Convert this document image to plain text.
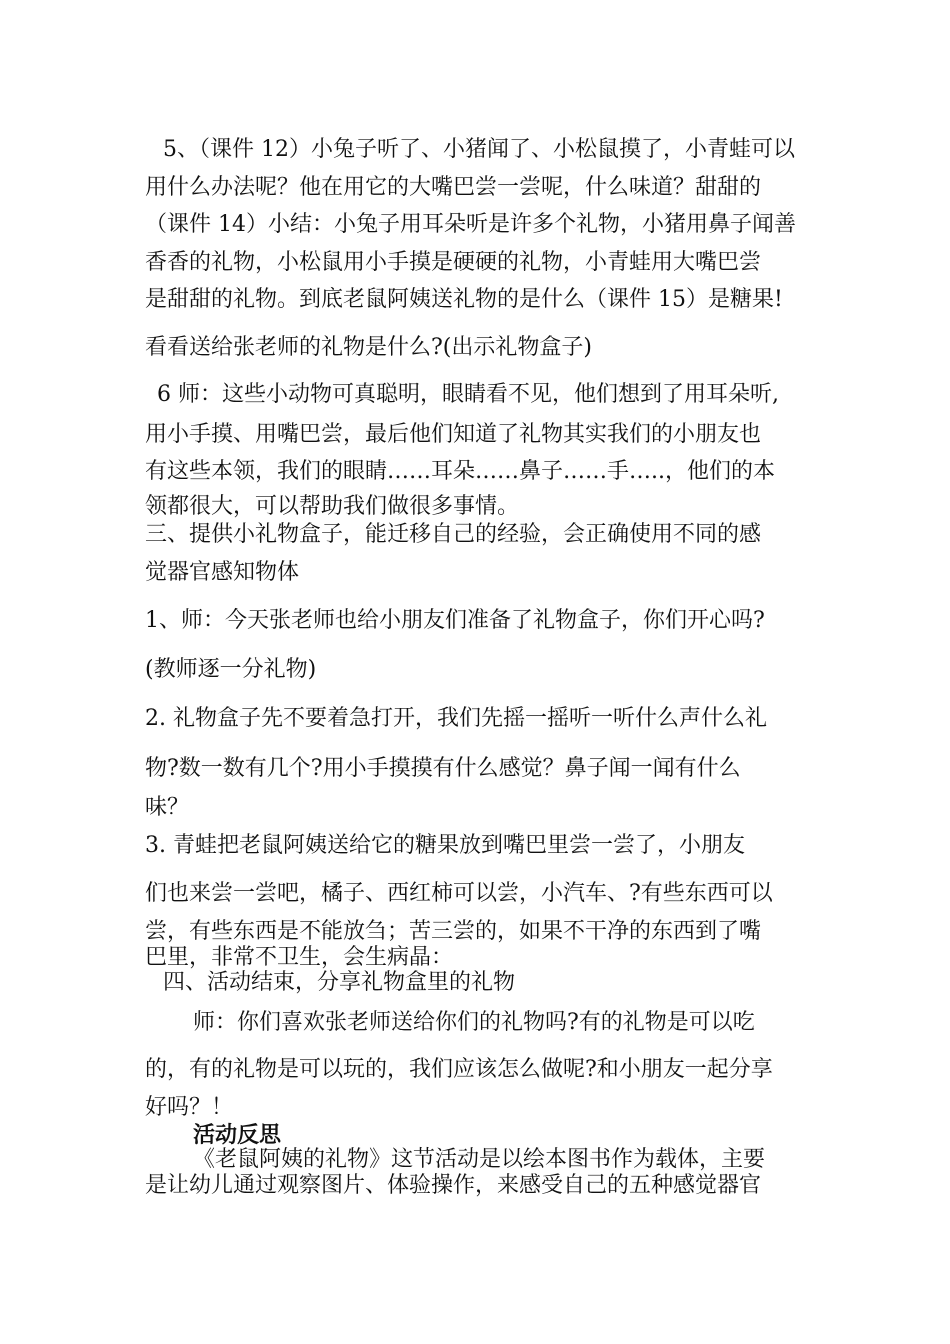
5、（课件 12）小兔子听了、小猪闻了、小松鼠摸了，小青蛙可以
用什么办法呢？他在用它的大嘴巴尝一尝呢，什么味道？甜甜的
（课件 14）小结：小兔子用耳朵听是许多个礼物，小猪用鼻子闻善
香香的礼物，小松鼠用小手摸是硬硬的礼物，小青蛙用大嘴巴尝
是甜甜的礼物。到底老鼠阿姨送礼物的是什么（课件 15）是糖果!
看看送给张老师的礼物是什么?(出示礼物盒子)
6 师：这些小动物可真聪明，眼睛看不见，他们想到了用耳朵听,
用小手摸、用嘴巴尝，最后他们知道了礼物其实我们的小朋友也
有这些本领，我们的眼睛……耳朵……鼻子……手…..，他们的本
领都很大，可以帮助我们做很多事情。
三、提供小礼物盒子，能迁移自己的经验，会正确使用不同的感
觉器官感知物体
1、师：今天张老师也给小朋友们准备了礼物盒子，你们开心吗?
(教师逐一分礼物)
2. 礼物盒子先不要着急打开，我们先摇一摇听一听什么声什么礼
物?数一数有几个?用小手摸摸有什么感觉？鼻子闻一闻有什么
味？
3. 青蛙把老鼠阿姨送给它的糖果放到嘴巴里尝一尝了，小朋友
们也来尝一尝吧，橘子、西红柿可以尝，小汽车、?有些东西可以
尝，有些东西是不能放刍；苦三尝的，如果不干净的东西到了嘴
巴里，非常不卫生，会生病晶：
四、活动结束，分享礼物盒里的礼物
师：你们喜欢张老师送给你们的礼物吗?有的礼物是可以吃
的，有的礼物是可以玩的，我们应该怎么做呢?和小朋友一起分享
好吗？！
活动反思
《老鼠阿姨的礼物》这节活动是以绘本图书作为载体，主要
是让幼儿通过观察图片、体验操作，来感受自己的五种感觉器官
